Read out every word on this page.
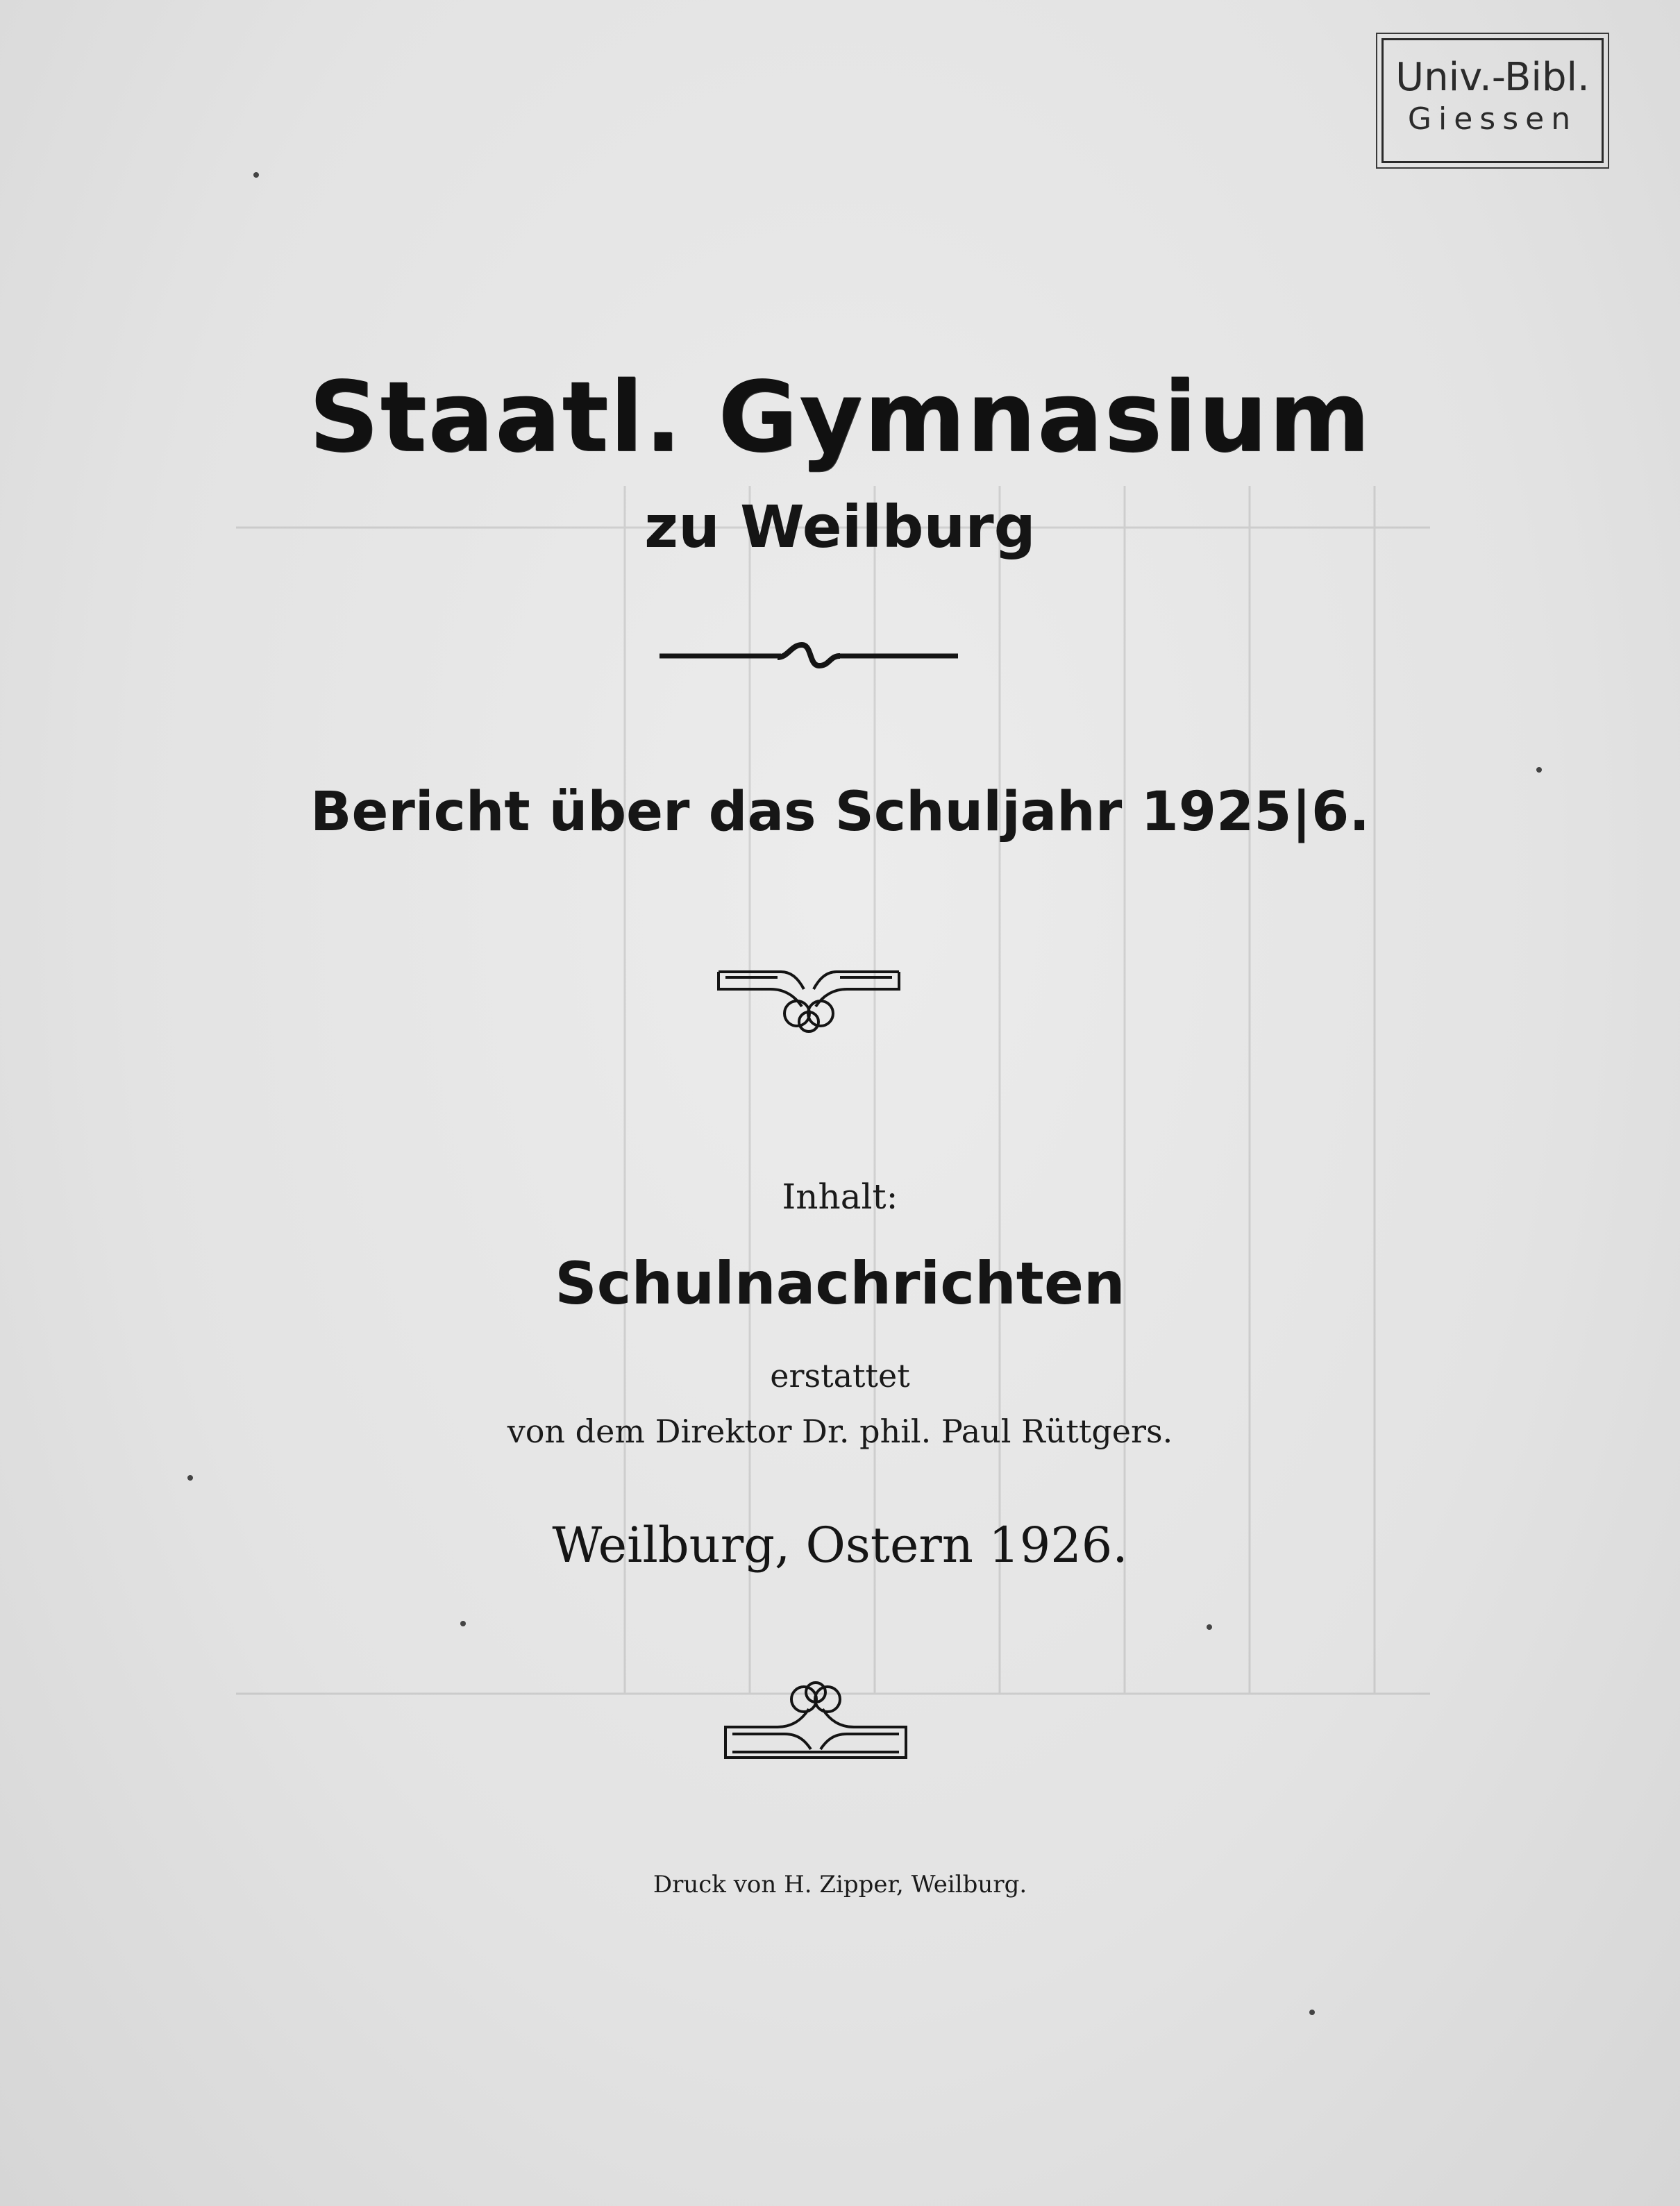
Univ.-Bibl.
Giessen
Staatl. Gymnasium
zu Weilburg
Bericht über das Schuljahr 1925|6.
Inhalt:
Schulnachrichten
erstattet
von dem Direktor Dr. phil. Paul Rüttgers.
Weilburg, Ostern 1926.
Druck von H. Zipper, Weilburg.
